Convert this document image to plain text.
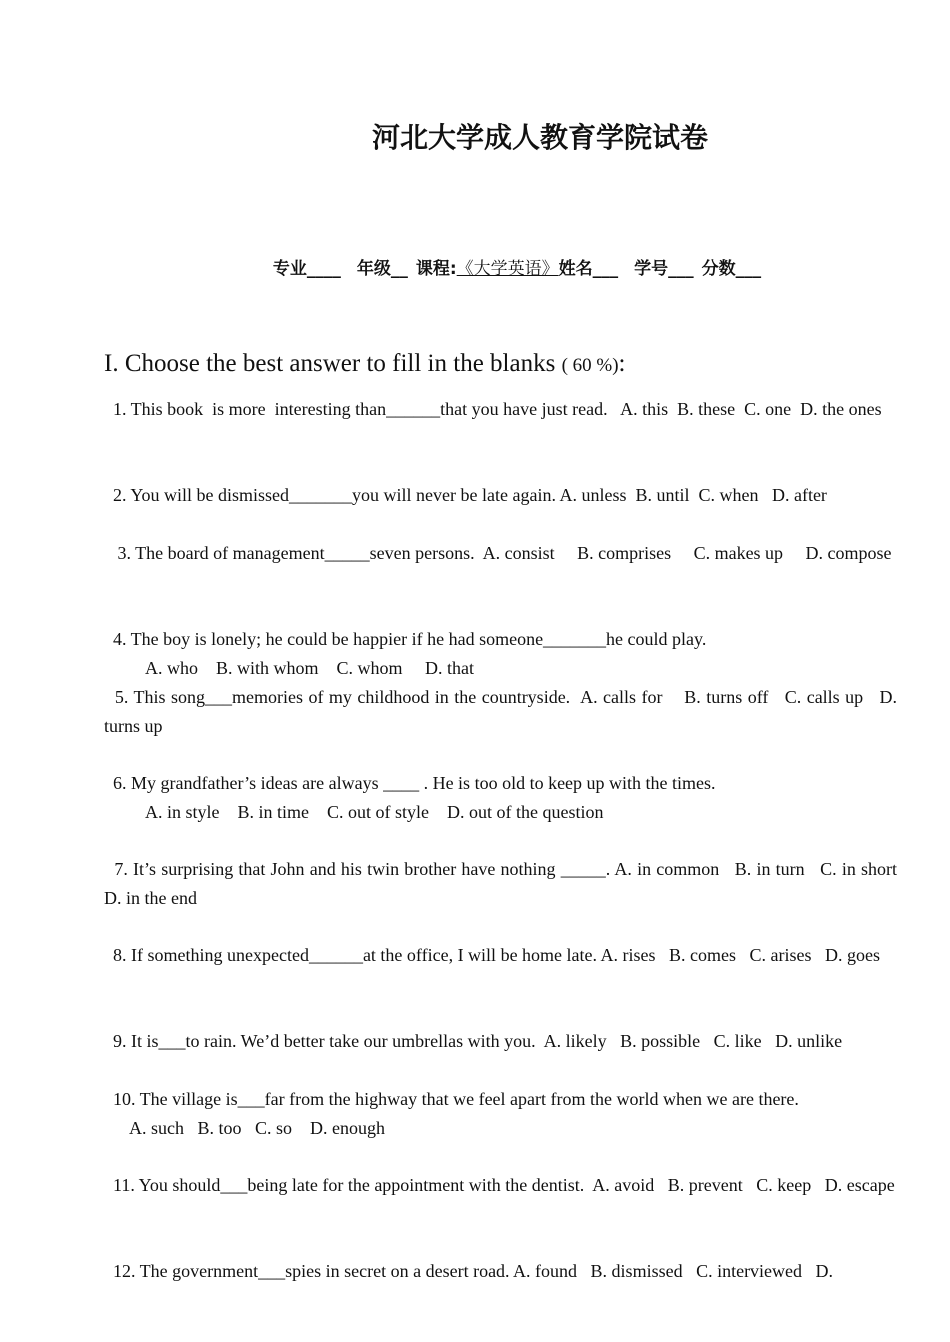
河北大学成人教育学院试卷
专业____ 年级__ 课程:《大学英语》姓名___ 学号___ 分数___
I. Choose the best answer to fill in the blanks ( 60 %):
1. This book  is more  interesting than______that you have just read.   A. this  B. these  C. one  D. the ones
2. You will be dismissed_______you will never be late again. A. unless  B. until  C. when   D. after
3. The board of management_____seven persons.  A. consist     B. comprises     C. makes up     D. compose
4. The boy is lonely; he could be happier if he had someone_______he could play.
A. who    B. with whom    C. whom     D. that
5. This song___memories of my childhood in the countryside.  A. calls for    B. turns off   C. calls up   D. turns up
6. My grandfather’s ideas are always ____ . He is too old to keep up with the times.
A. in style    B. in time    C. out of style    D. out of the question
7. It’s surprising that John and his twin brother have nothing _____. A. in common   B. in turn   C. in short   D. in the end
8. If something unexpected______at the office, I will be home late. A. rises   B. comes   C. arises   D. goes
9. It is___to rain. We’d better take our umbrellas with you.  A. likely   B. possible   C. like   D. unlike
10. The village is___far from the highway that we feel apart from the world when we are there.
A. such   B. too   C. so    D. enough
11. You should___being late for the appointment with the dentist.  A. avoid   B. prevent   C. keep   D. escape
12. The government___spies in secret on a desert road. A. found   B. dismissed   C. interviewed   D.
